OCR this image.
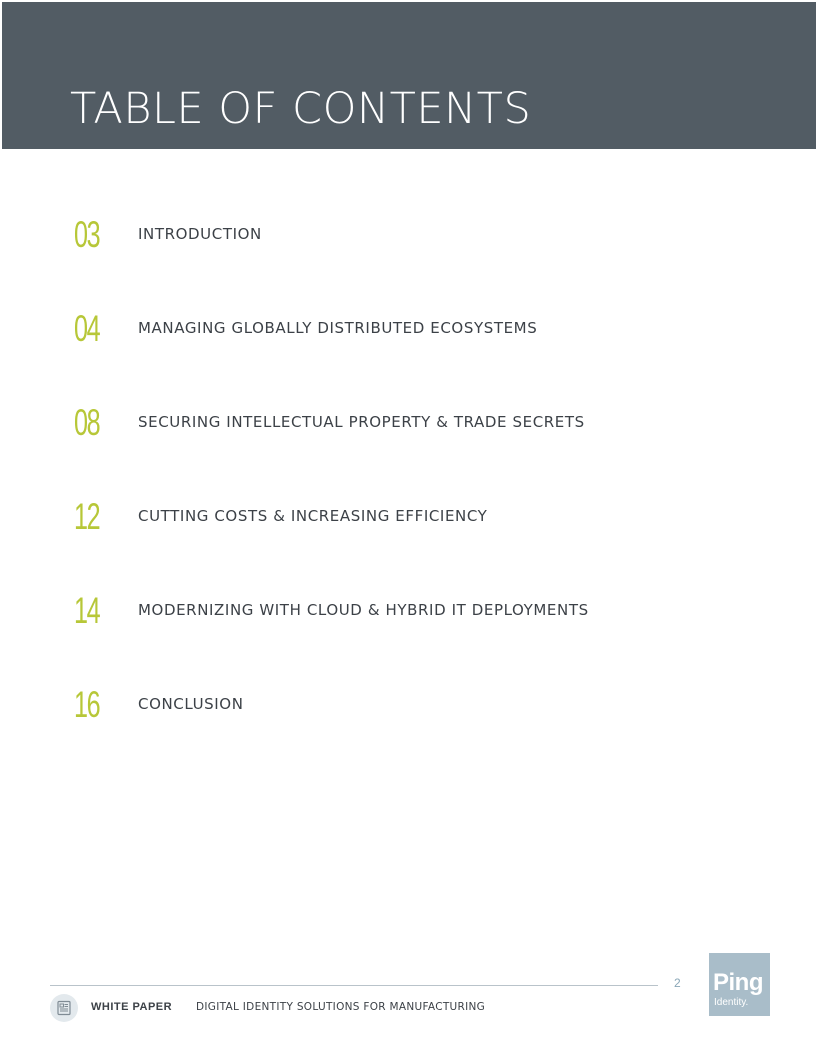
TABLE OF CONTENTS
03	INTRODUCTION
04	MANAGING GLOBALLY DISTRIBUTED ECOSYSTEMS
08	SECURING INTELLECTUAL PROPERTY & TRADE SECRETS
12	CUTTING COSTS & INCREASING EFFICIENCY
14	MODERNIZING WITH CLOUD & HYBRID IT DEPLOYMENTS
16	CONCLUSION
2 Ping
Identity.
WHITE PAPER DIGITAL IDENTITY SOLUTIONS FOR MANUFACTURING
